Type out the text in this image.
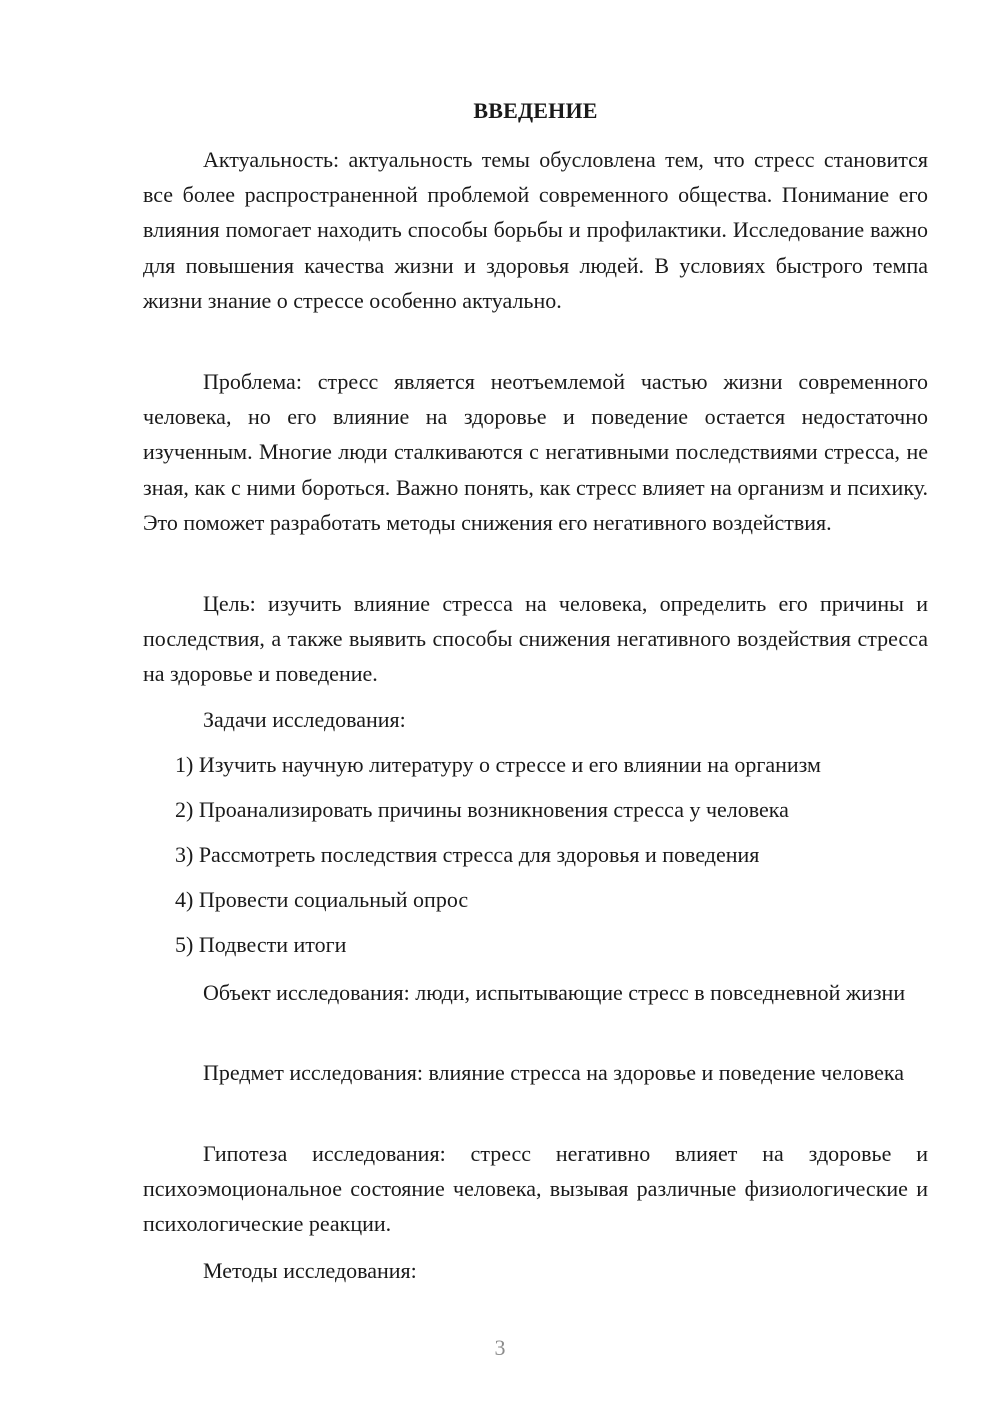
ВВЕДЕНИЕ

Актуальность: актуальность темы обусловлена тем, что стресс становится все более распространенной проблемой современного общества. Понимание его влияния помогает находить способы борьбы и профилактики. Исследование важно для повышения качества жизни и здоровья людей. В условиях быстрого темпа жизни знание о стрессе особенно актуально.

Проблема: стресс является неотъемлемой частью жизни современного человека, но его влияние на здоровье и поведение остается недостаточно изученным. Многие люди сталкиваются с негативными последствиями стресса, не зная, как с ними бороться. Важно понять, как стресс влияет на организм и психику. Это поможет разработать методы снижения его негативного воздействия.

Цель: изучить влияние стресса на человека, определить его причины и последствия, а также выявить способы снижения негативного воздействия стресса на здоровье и поведение.

Задачи исследования:

1) Изучить научную литературу о стрессе и его влиянии на организм

2) Проанализировать причины возникновения стресса у человека

3) Рассмотреть последствия стресса для здоровья и поведения

4) Провести социальный опрос

5) Подвести итоги

Объект исследования: люди, испытывающие стресс в повседневной жизни

Предмет исследования: влияние стресса на здоровье и поведение человека

Гипотеза исследования: стресс негативно влияет на здоровье и психоэмоциональное состояние человека, вызывая различные физиологические и психологические реакции.

Методы исследования:

3
